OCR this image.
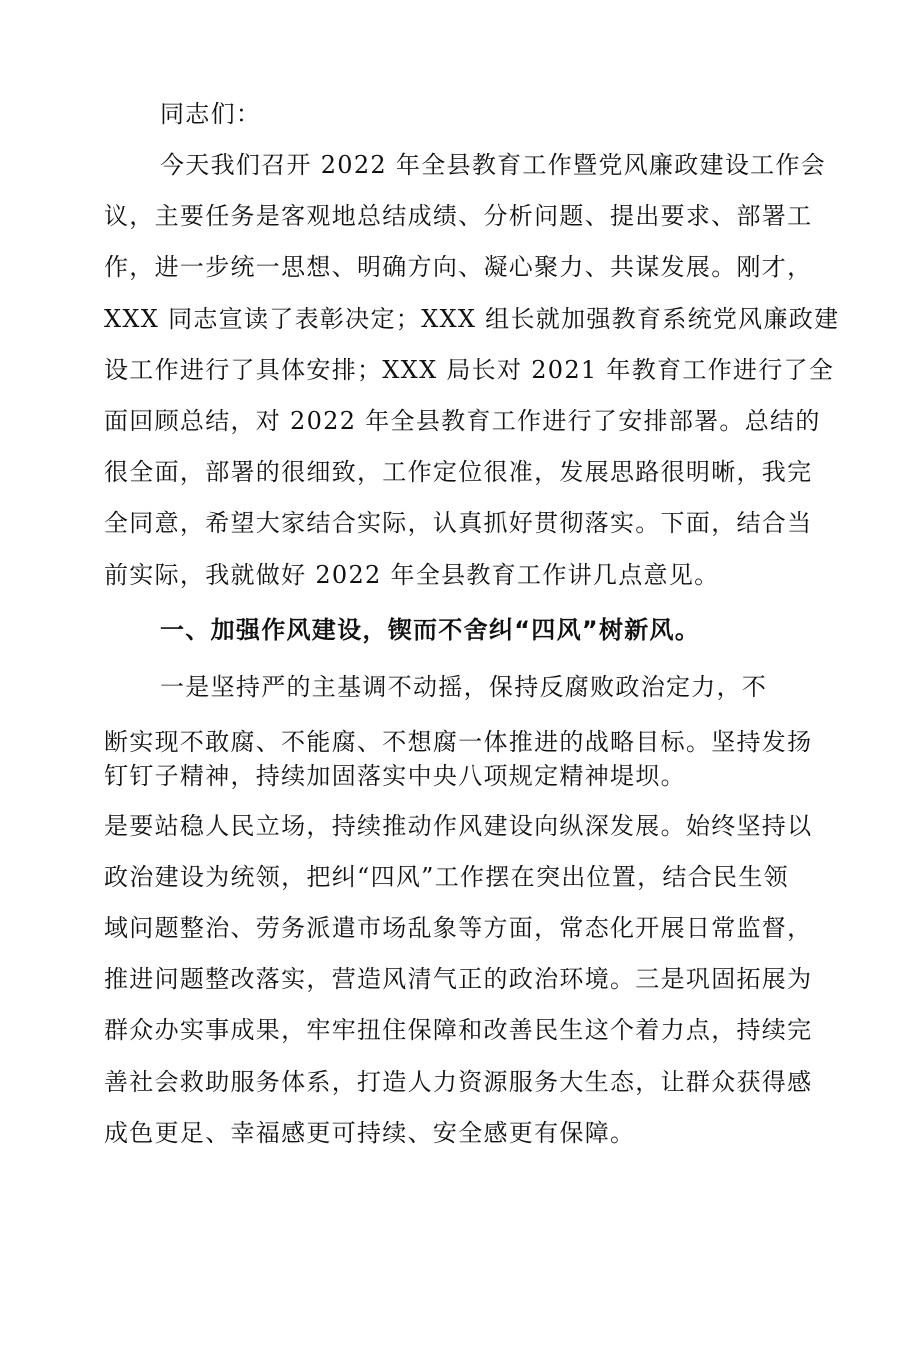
同志们：
今天我们召开 2022 年全县教育工作暨党风廉政建设工作会
议，主要任务是客观地总结成绩、分析问题、提出要求、部署工
作，进一步统一思想、明确方向、凝心聚力、共谋发展。刚才，
XXX 同志宣读了表彰决定；XXX 组长就加强教育系统党风廉政建
设工作进行了具体安排；XXX 局长对 2021 年教育工作进行了全
面回顾总结，对 2022 年全县教育工作进行了安排部署。总结的
很全面，部署的很细致，工作定位很准，发展思路很明晰，我完
全同意，希望大家结合实际，认真抓好贯彻落实。下面，结合当
前实际，我就做好 2022 年全县教育工作讲几点意见。
一、加强作风建设，锲而不舍纠“四风”树新风。
一是坚持严的主基调不动摇，保持反腐败政治定力，不
断实现不敢腐、不能腐、不想腐一体推进的战略目标。坚持发扬
钉钉子精神，持续加固落实中央八项规定精神堤坝。
是要站稳人民立场，持续推动作风建设向纵深发展。始终坚持以
政治建设为统领，把纠“四风”工作摆在突出位置，结合民生领
域问题整治、劳务派遣市场乱象等方面，常态化开展日常监督，
推进问题整改落实，营造风清气正的政治环境。三是巩固拓展为
群众办实事成果，牢牢扭住保障和改善民生这个着力点，持续完
善社会救助服务体系，打造人力资源服务大生态，让群众获得感
成色更足、幸福感更可持续、安全感更有保障。
